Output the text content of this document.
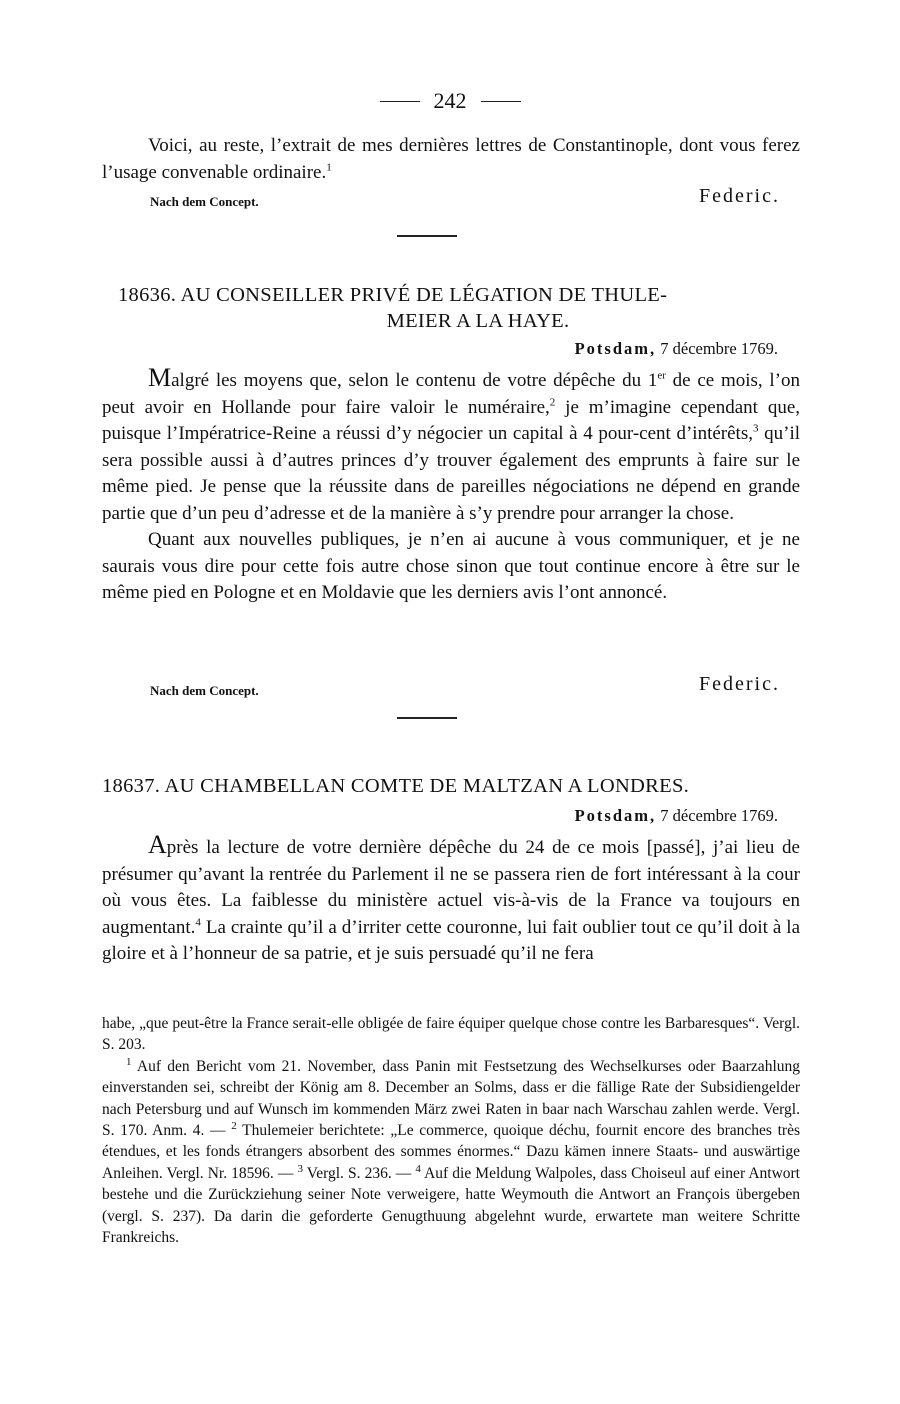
242

Voici, au reste, l’extrait de mes dernières lettres de Constantinople, dont vous ferez l’usage convenable ordinaire.$^1$

Nach dem Concept.	Federic.
18636. AU CONSEILLER PRIVÉ DE LÉGATION DE THULE-
MEIER A LA HAYE.
Potsdam, 7 décembre 1769.

Malgré les moyens que, selon le contenu de votre dépêche du 1er de ce mois, l’on peut avoir en Hollande pour faire valoir le numéraire,$^2$ je m’imagine cependant que, puisque l’Impératrice-Reine a réussi d’y négocier un capital à 4 pour-cent d’intérêts,$^3$ qu’il sera possible aussi à d’autres princes d’y trouver également des emprunts à faire sur le même pied. Je pense que la réussite dans de pareilles négociations ne dépend en grande partie que d’un peu d’adresse et de la manière à s’y prendre pour arranger la chose.

Quant aux nouvelles publiques, je n’en ai aucune à vous communiquer, et je ne saurais vous dire pour cette fois autre chose sinon que tout continue encore à être sur le même pied en Pologne et en Moldavie que les derniers avis l’ont annoncé.

Nach dem Concept.	Federic.
18637. AU CHAMBELLAN COMTE DE MALTZAN A LONDRES.
Potsdam, 7 décembre 1769.

Après la lecture de votre dernière dépêche du 24 de ce mois [passé], j’ai lieu de présumer qu’avant la rentrée du Parlement il ne se passera rien de fort intéressant à la cour où vous êtes. La faiblesse du ministère actuel vis-à-vis de la France va toujours en augmentant.$^4$ La crainte qu’il a d’irriter cette couronne, lui fait oublier tout ce qu’il doit à la gloire et à l’honneur de sa patrie, et je suis persuadé qu’il ne fera

habe, „que peut-être la France serait-elle obligée de faire équiper quelque chose contre les Barbaresques“. Vergl. S. 203.

$^1$ Auf den Bericht vom 21. November, dass Panin mit Festsetzung des Wechselkurses oder Baarzahlung einverstanden sei, schreibt der König am 8. December an Solms, dass er die fällige Rate der Subsidiengelder nach Petersburg und auf Wunsch im kommenden März zwei Raten in baar nach Warschau zahlen werde. Vergl. S. 170. Anm. 4. — $^2$ Thulemeier berichtete: „Le commerce, quoique déchu, fournit encore des branches très étendues, et les fonds étrangers absorbent des sommes énormes.“ Dazu kämen innere Staats- und auswärtige Anleihen. Vergl. Nr. 18596. — $^3$ Vergl. S. 236. — $^4$ Auf die Meldung Walpoles, dass Choiseul auf einer Antwort bestehe und die Zurückziehung seiner Note verweigere, hatte Weymouth die Antwort an François übergeben (vergl. S. 237). Da darin die geforderte Genugthuung abgelehnt wurde, erwartete man weitere Schritte Frankreichs.
